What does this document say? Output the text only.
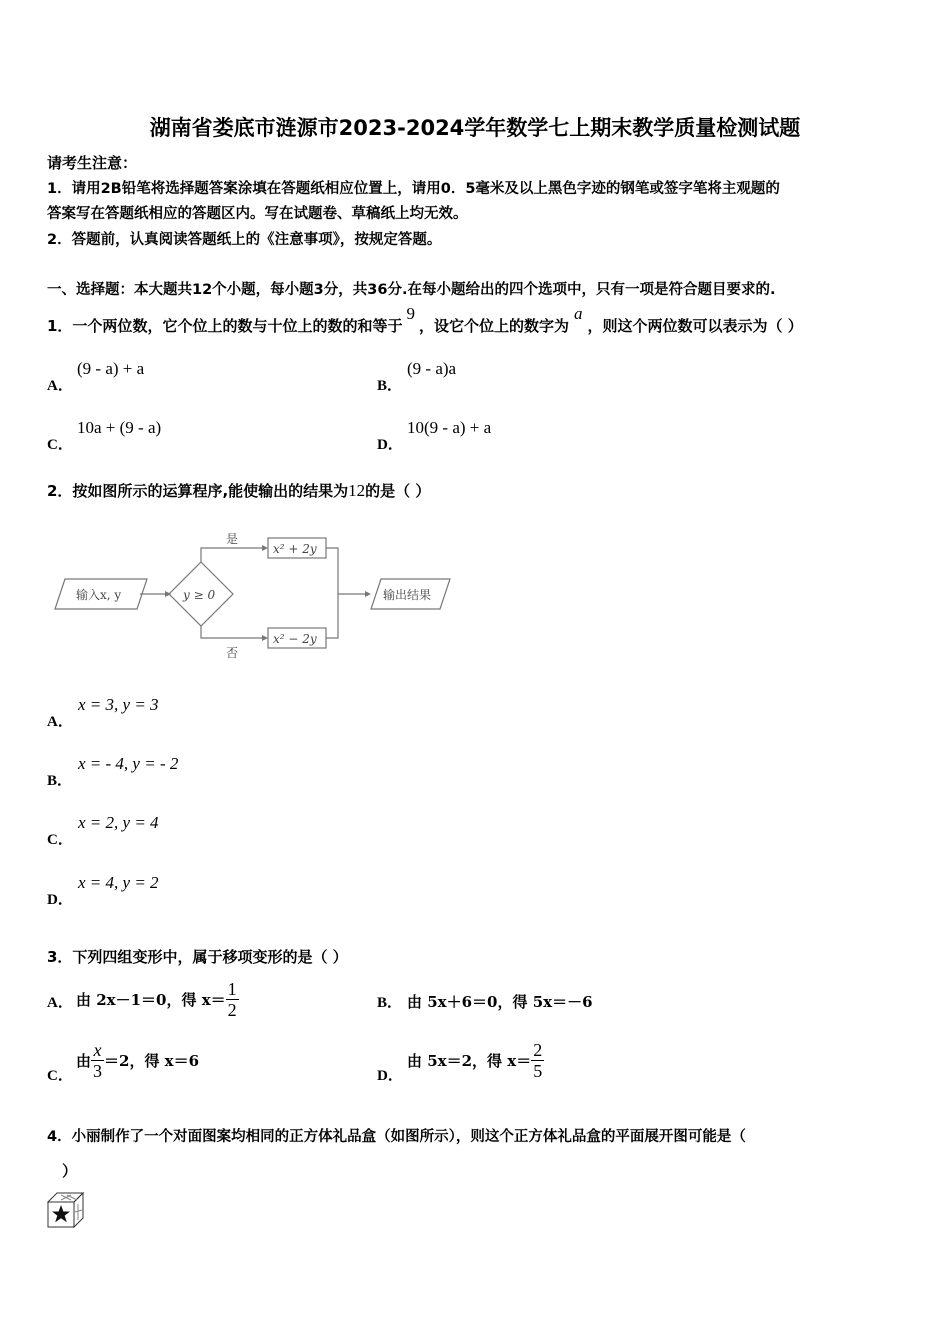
湖南省娄底市涟源市2023-2024学年数学七上期末教学质量检测试题
请考生注意：
1．请用2B铅笔将选择题答案涂填在答题纸相应位置上，请用0．5毫米及以上黑色字迹的钢笔或签字笔将主观题的
答案写在答题纸相应的答题区内。写在试题卷、草稿纸上均无效。
2．答题前，认真阅读答题纸上的《注意事项》，按规定答题。
一、选择题：本大题共12个小题，每小题3分，共36分.在每小题给出的四个选项中，只有一项是符合题目要求的.
1．一个两位数，它个位上的数与十位上的数的和等于9，设它个位上的数字为a，则这个两位数可以表示为（ ）
A．
(9 - a) + a
B．
(9 - a)a
C．
10a + (9 - a)
D．
10(9 - a) + a
2．按如图所示的运算程序,能使输出的结果为12的是（ ）
输入x, y	y ≥ 0
是
否
x² + 2y
x² − 2y
输出结果
A．
x = 3, y = 3
B．
x = - 4, y = - 2
C．
x = 2, y = 4
D．
x = 4, y = 2
3．下列四组变形中，属于移项变形的是（ ）
A． 由 2x－1＝0，得 $x= \frac{1}{2}$	B． 由 5x＋6＝0，得 5x＝－6
C．
由 $\frac{x}{3} =2$，得 x＝6
D．
由 5x＝2，得 $x= \frac{2}{5}$
4．小丽制作了一个对面图案均相同的正方体礼品盒（如图所示），则这个正方体礼品盒的平面展开图可能是（
）
